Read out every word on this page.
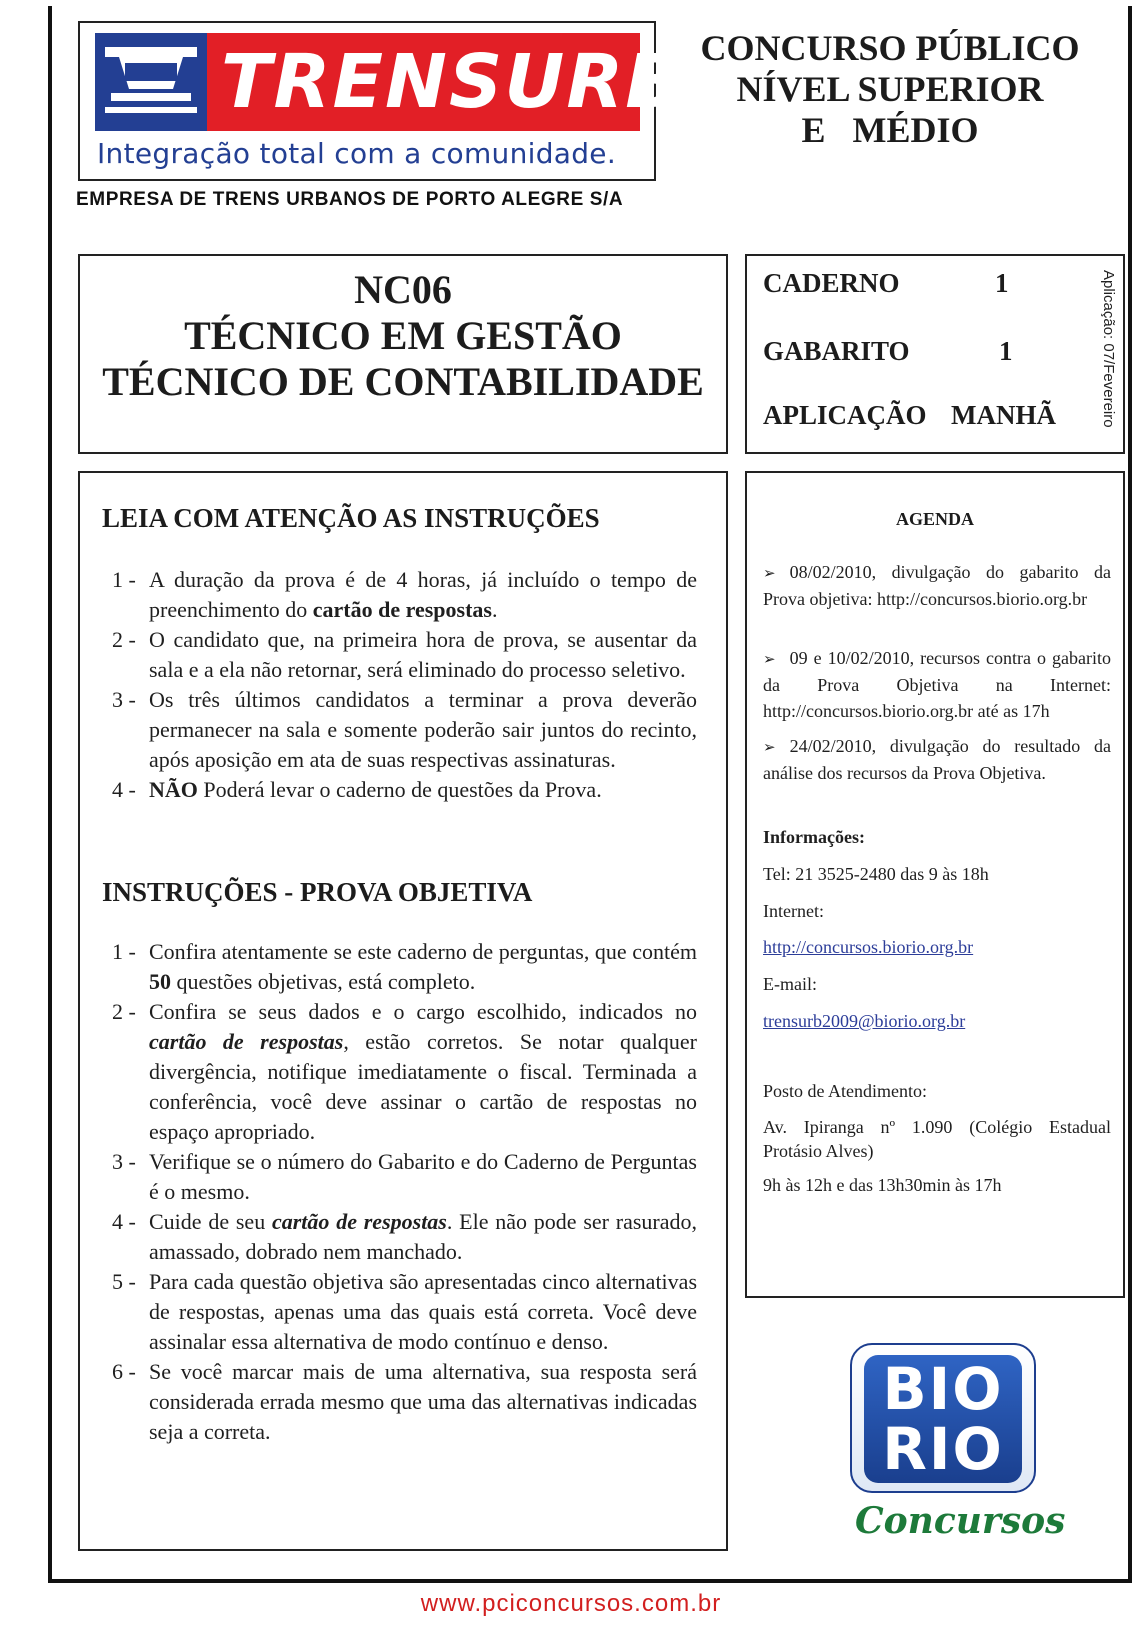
TRENSURB
Integração total com a comunidade.
CONCURSO PÚBLICO
NÍVEL SUPERIOR
E   MÉDIO
EMPRESA DE TRENS URBANOS DE PORTO ALEGRE S/A
NC06
TÉCNICO EM GESTÃO
TÉCNICO DE CONTABILIDADE
CADERNO	1
GABARITO	1
APLICAÇÃO MANHÃ	Aplicação: 07/Fevereiro
LEIA COM ATENÇÃO AS INSTRUÇÕES
1 - A duração da prova é de 4 horas, já incluído o tempo de preenchimento do cartão de respostas.
2 - O candidato que, na primeira hora de prova, se ausentar da sala e a ela não retornar, será eliminado do processo seletivo.
3 - Os três últimos candidatos a terminar a prova deverão permanecer na sala e somente poderão sair juntos do recinto, após aposição em ata de suas respectivas assinaturas.
4 - NÃO Poderá levar o caderno de questões da Prova.
INSTRUÇÕES - PROVA OBJETIVA
1 - Confira atentamente se este caderno de perguntas, que contém 50 questões objetivas, está completo.
2 - Confira se seus dados e o cargo escolhido, indicados no cartão de respostas, estão corretos. Se notar qualquer divergência, notifique imediatamente o fiscal. Terminada a conferência, você deve assinar o cartão de respostas no espaço apropriado.
3 - Verifique se o número do Gabarito e do Caderno de Perguntas é o mesmo.
4 - Cuide de seu cartão de respostas. Ele não pode ser rasurado, amassado, dobrado nem manchado.
5 - Para cada questão objetiva são apresentadas cinco alternativas de respostas, apenas uma das quais está correta. Você deve assinalar essa alternativa de modo contínuo e denso.
6 - Se você marcar mais de uma alternativa, sua resposta será considerada errada mesmo que uma das alternativas indicadas seja a correta.
AGENDA
➢ 08/02/2010, divulgação do gabarito da Prova objetiva: http://concursos.biorio.org.br
➢ 09 e 10/02/2010, recursos contra o gabarito da Prova Objetiva na Internet: http://concursos.biorio.org.br até as 17h
➢ 24/02/2010, divulgação do resultado da análise dos recursos da Prova Objetiva.
Informações:
Tel: 21 3525-2480 das 9 às 18h
Internet:
http://concursos.biorio.org.br
E-mail:
trensurb2009@biorio.org.br
Posto de Atendimento:
Av. Ipiranga nº 1.090 (Colégio Estadual Protásio Alves)
9h às 12h e das 13h30min às 17h
BIO
RIO
Concursos
www.pciconcursos.com.br
